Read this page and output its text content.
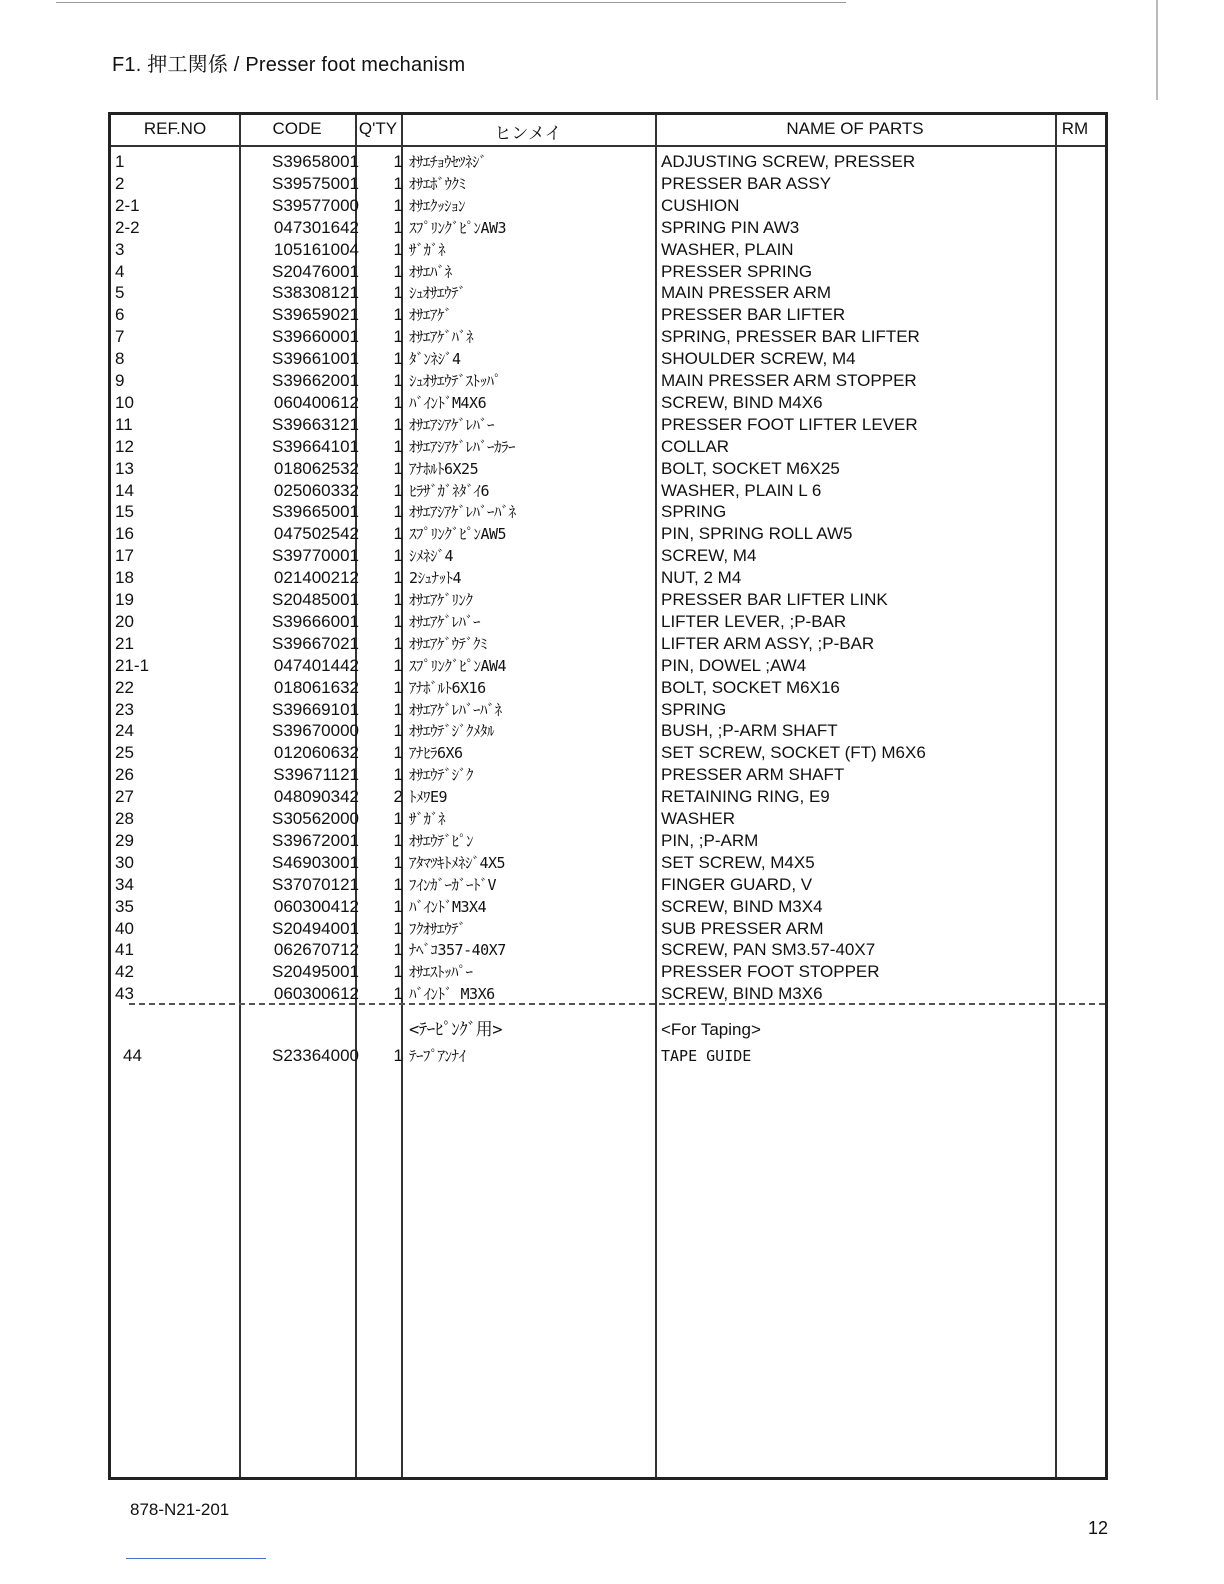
F1. 押工関係 / Presser foot mechanism
REF.NO	CODE	Q'TY	ヒンメイ	NAME OF PARTS	RM
1	S39658001	1 ｵｻｴﾁｮｳｾﾂﾈｼﾞ	ADJUSTING SCREW, PRESSER
2	S39575001	1 ｵｻｴﾎﾞｳｸﾐ	PRESSER BAR ASSY
2-1	S39577000	1 ｵｻｴｸｯｼｮﾝ	CUSHION
2-2	047301642	1 ｽﾌﾟﾘﾝｸﾞﾋﾟﾝAW3	SPRING PIN AW3
3	105161004	1 ｻﾞｶﾞﾈ	WASHER, PLAIN
4	S20476001	1 ｵｻｴﾊﾞﾈ	PRESSER SPRING
5	S38308121	1 ｼｭｵｻｴｳﾃﾞ	MAIN PRESSER ARM
6	S39659021	1 ｵｻｴｱｹﾞ	PRESSER BAR LIFTER
7	S39660001	1 ｵｻｴｱｹﾞﾊﾞﾈ	SPRING, PRESSER BAR LIFTER
8	S39661001	1 ﾀﾞﾝﾈｼﾞ4	SHOULDER SCREW, M4
9	S39662001	1 ｼｭｵｻｴｳﾃﾞｽﾄｯﾊﾟ	MAIN PRESSER ARM STOPPER
10	060400612	1 ﾊﾞｲﾝﾄﾞM4X6	SCREW, BIND M4X6
11	S39663121	1 ｵｻｴｱｼｱｹﾞﾚﾊﾞｰ	PRESSER FOOT LIFTER LEVER
12	S39664101	1 ｵｻｴｱｼｱｹﾞﾚﾊﾞｰｶﾗｰ	COLLAR
13	018062532	1 ｱﾅﾎﾙﾄ6X25	BOLT, SOCKET M6X25
14	025060332	1 ﾋﾗｻﾞｶﾞﾈﾀﾞｲ6	WASHER, PLAIN L 6
15	S39665001	1 ｵｻｴｱｼｱｹﾞﾚﾊﾞｰﾊﾞﾈ	SPRING
16	047502542	1 ｽﾌﾟﾘﾝｸﾞﾋﾟﾝAW5	PIN, SPRING ROLL AW5
17	S39770001	1 ｼﾒﾈｼﾞ4	SCREW, M4
18	021400212	1 2ｼｭﾅｯﾄ4	NUT, 2 M4
19	S20485001	1 ｵｻｴｱｹﾞﾘﾝｸ	PRESSER BAR LIFTER LINK
20	S39666001	1 ｵｻｴｱｹﾞﾚﾊﾞｰ	LIFTER LEVER, ;P-BAR
21	S39667021	1 ｵｻｴｱｹﾞｳﾃﾞｸﾐ	LIFTER ARM ASSY, ;P-BAR
21-1	047401442	1 ｽﾌﾟﾘﾝｸﾞﾋﾟﾝAW4	PIN, DOWEL ;AW4
22	018061632	1 ｱﾅﾎﾞﾙﾄ6X16	BOLT, SOCKET M6X16
23	S39669101	1 ｵｻｴｱｹﾞﾚﾊﾞｰﾊﾞﾈ	SPRING
24	S39670000	1 ｵｻｴｳﾃﾞｼﾞｸﾒﾀﾙ	BUSH, ;P-ARM SHAFT
25	012060632	1 ｱﾅﾋﾗ6X6	SET SCREW, SOCKET (FT) M6X6
26	S39671121	1 ｵｻｴｳﾃﾞｼﾞｸ	PRESSER ARM SHAFT
27	048090342	2 ﾄﾒﾜE9	RETAINING RING, E9
28	S30562000	1 ｻﾞｶﾞﾈ	WASHER
29	S39672001	1 ｵｻｴｳﾃﾞﾋﾟﾝ	PIN, ;P-ARM
30	S46903001	1 ｱﾀﾏﾂｷﾄﾒﾈｼﾞ4X5	SET SCREW, M4X5
34	S37070121	1 ﾌｲﾝｶﾞｰｶﾞｰﾄﾞV	FINGER GUARD, V
35	060300412	1 ﾊﾞｲﾝﾄﾞM3X4	SCREW, BIND M3X4
40	S20494001	1 ﾌｸｵｻｴｳﾃﾞ	SUB PRESSER ARM
41	062670712	1 ﾅﾍﾞｺ357-40X7	SCREW, PAN SM3.57-40X7
42	S20495001	1 ｵｻｴｽﾄｯﾊﾟｰ	PRESSER FOOT STOPPER
43	060300612	1 ﾊﾞｲﾝﾄﾞ M3X6	SCREW, BIND M3X6
<ﾃｰﾋﾟﾝｸﾞ用>	<For Taping>
44	S23364000	1 ﾃｰﾌﾟｱﾝﾅｲ	TAPE GUIDE
878-N21-201
12
